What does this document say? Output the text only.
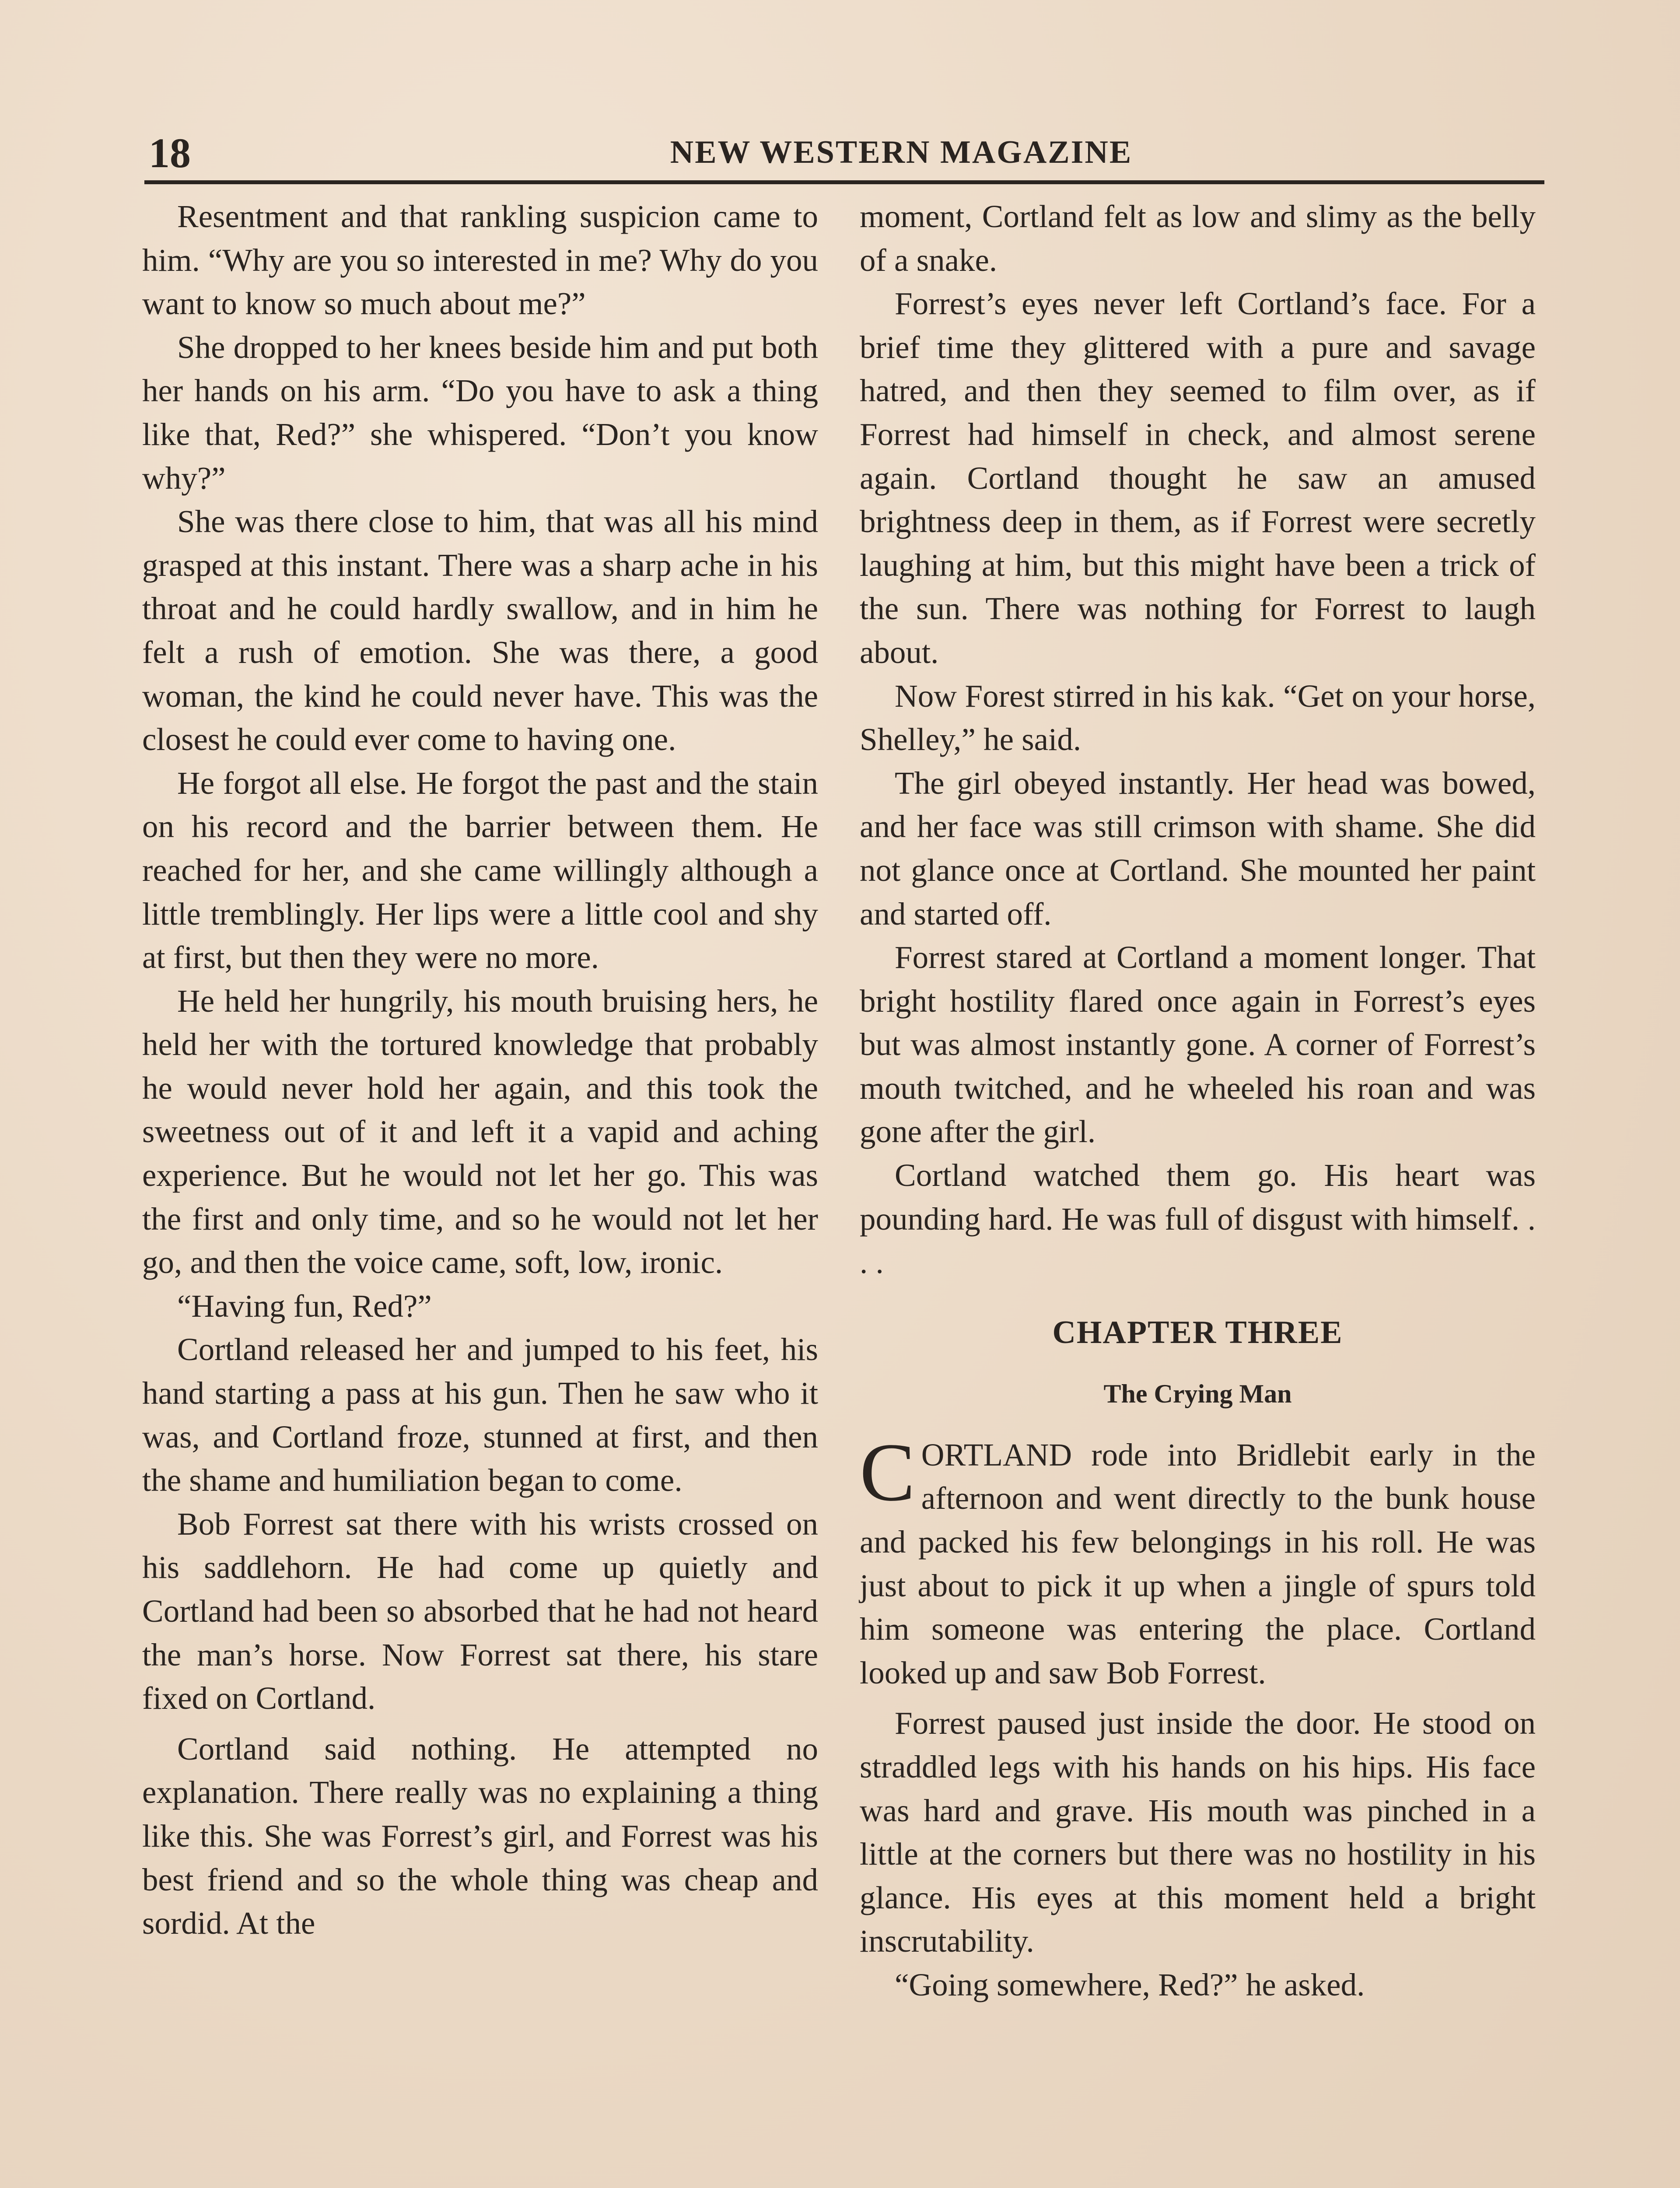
18	NEW WESTERN MAGAZINE

Resentment and that rankling suspicion came to him. “Why are you so interested in me? Why do you want to know so much about me?”

She dropped to her knees beside him and put both her hands on his arm. “Do you have to ask a thing like that, Red?” she whispered. “Don’t you know why?”

She was there close to him, that was all his mind grasped at this instant. There was a sharp ache in his throat and he could hardly swallow, and in him he felt a rush of emotion. She was there, a good woman, the kind he could never have. This was the closest he could ever come to having one.

He forgot all else. He forgot the past and the stain on his record and the barrier between them. He reached for her, and she came willingly although a little tremblingly. Her lips were a little cool and shy at first, but then they were no more.

He held her hungrily, his mouth bruising hers, he held her with the tortured knowledge that probably he would never hold her again, and this took the sweetness out of it and left it a vapid and aching experience. But he would not let her go. This was the first and only time, and so he would not let her go, and then the voice came, soft, low, ironic.

“Having fun, Red?”

Cortland released her and jumped to his feet, his hand starting a pass at his gun. Then he saw who it was, and Cortland froze, stunned at first, and then the shame and humiliation began to come.

Bob Forrest sat there with his wrists crossed on his saddlehorn. He had come up quietly and Cortland had been so absorbed that he had not heard the man’s horse. Now Forrest sat there, his stare fixed on Cortland.

Cortland said nothing. He attempted no explanation. There really was no explaining a thing like this. She was Forrest’s girl, and Forrest was his best friend and so the whole thing was cheap and sordid. At the

moment, Cortland felt as low and slimy as the belly of a snake.

Forrest’s eyes never left Cortland’s face. For a brief time they glittered with a pure and savage hatred, and then they seemed to film over, as if Forrest had himself in check, and almost serene again. Cortland thought he saw an amused brightness deep in them, as if Forrest were secretly laughing at him, but this might have been a trick of the sun. There was nothing for Forrest to laugh about.

Now Forest stirred in his kak. “Get on your horse, Shelley,” he said.

The girl obeyed instantly. Her head was bowed, and her face was still crimson with shame. She did not glance once at Cortland. She mounted her paint and started off.

Forrest stared at Cortland a moment longer. That bright hostility flared once again in Forrest’s eyes but was almost instantly gone. A corner of Forrest’s mouth twitched, and he wheeled his roan and was gone after the girl.

Cortland watched them go. His heart was pounding hard. He was full of disgust with himself. . . .

CHAPTER THREE

The Crying Man

CORTLAND rode into Bridlebit early in the afternoon and went directly to the bunk house and packed his few belongings in his roll. He was just about to pick it up when a jingle of spurs told him someone was entering the place. Cortland looked up and saw Bob Forrest.

Forrest paused just inside the door. He stood on straddled legs with his hands on his hips. His face was hard and grave. His mouth was pinched in a little at the corners but there was no hostility in his glance. His eyes at this moment held a bright inscrutability.

“Going somewhere, Red?” he asked.
